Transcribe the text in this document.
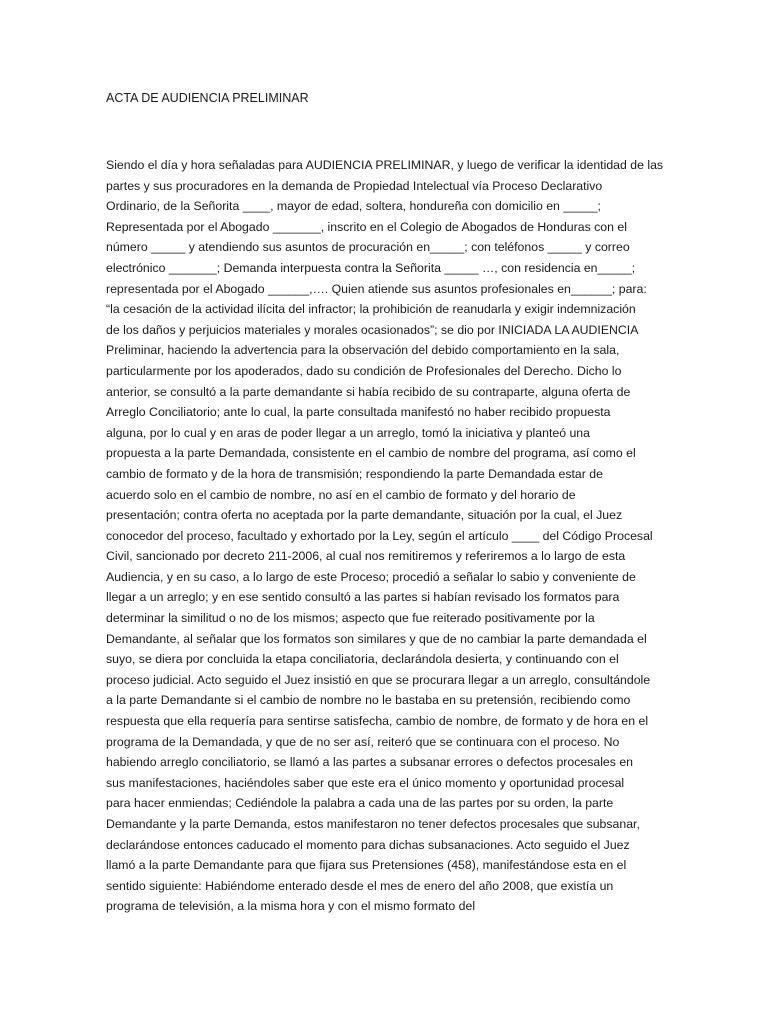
ACTA DE AUDIENCIA PRELIMINAR
Siendo el día y hora señaladas para AUDIENCIA PRELIMINAR, y luego de verificar la identidad de las
partes y sus procuradores en la demanda de Propiedad Intelectual vía Proceso Declarativo
Ordinario, de la Señorita ____, mayor de edad, soltera, hondureña con domicilio en _____;
Representada por el Abogado _______, inscrito en el Colegio de Abogados de Honduras con el
número _____ y atendiendo sus asuntos de procuración en_____; con teléfonos _____ y correo
electrónico _______; Demanda interpuesta contra la Señorita _____ …, con residencia en_____;
representada por el Abogado ______,…. Quien atiende sus asuntos profesionales en______; para:
“la cesación de la actividad ilícita del infractor; la prohibición de reanudarla y exigir indemnización
de los daños y perjuicios materiales y morales ocasionados”; se dio por INICIADA LA AUDIENCIA
Preliminar, haciendo la advertencia para la observación del debido comportamiento en la sala,
particularmente por los apoderados, dado su condición de Profesionales del Derecho. Dicho lo
anterior, se consultó a la parte demandante si había recibido de su contraparte, alguna oferta de
Arreglo Conciliatorio; ante lo cual, la parte consultada manifestó no haber recibido propuesta
alguna, por lo cual y en aras de poder llegar a un arreglo, tomó la iniciativa y planteó una
propuesta a la parte Demandada, consistente en el cambio de nombre del programa, así como el
cambio de formato y de la hora de transmisión; respondiendo la parte Demandada estar de
acuerdo solo en el cambio de nombre, no así en el cambio de formato y del horario de
presentación; contra oferta no aceptada por la parte demandante, situación por la cual, el Juez
conocedor del proceso, facultado y exhortado por la Ley, según el artículo ____ del Código Procesal
Civil, sancionado por decreto 211-2006, al cual nos remitiremos y referiremos a lo largo de esta
Audiencia, y en su caso, a lo largo de este Proceso; procedió a señalar lo sabio y conveniente de
llegar a un arreglo; y en ese sentido consultó a las partes si habían revisado los formatos para
determinar la similitud o no de los mismos; aspecto que fue reiterado positivamente por la
Demandante, al señalar que los formatos son similares y que de no cambiar la parte demandada el
suyo, se diera por concluida la etapa conciliatoria, declarándola desierta, y continuando con el
proceso judicial. Acto seguido el Juez insistió en que se procurara llegar a un arreglo, consultándole
a la parte Demandante si el cambio de nombre no le bastaba en su pretensión, recibiendo como
respuesta que ella requería para sentirse satisfecha, cambio de nombre, de formato y de hora en el
programa de la Demandada, y que de no ser así, reiteró que se continuara con el proceso. No
habiendo arreglo conciliatorio, se llamó a las partes a subsanar errores o defectos procesales en
sus manifestaciones, haciéndoles saber que este era el único momento y oportunidad procesal
para hacer enmiendas; Cediéndole la palabra a cada una de las partes por su orden, la parte
Demandante y la parte Demanda, estos manifestaron no tener defectos procesales que subsanar,
declarándose entonces caducado el momento para dichas subsanaciones. Acto seguido el Juez
llamó a la parte Demandante para que fijara sus Pretensiones (458), manifestándose esta en el
sentido siguiente: Habiéndome enterado desde el mes de enero del año 2008, que existía un
programa de televisión, a la misma hora y con el mismo formato del
